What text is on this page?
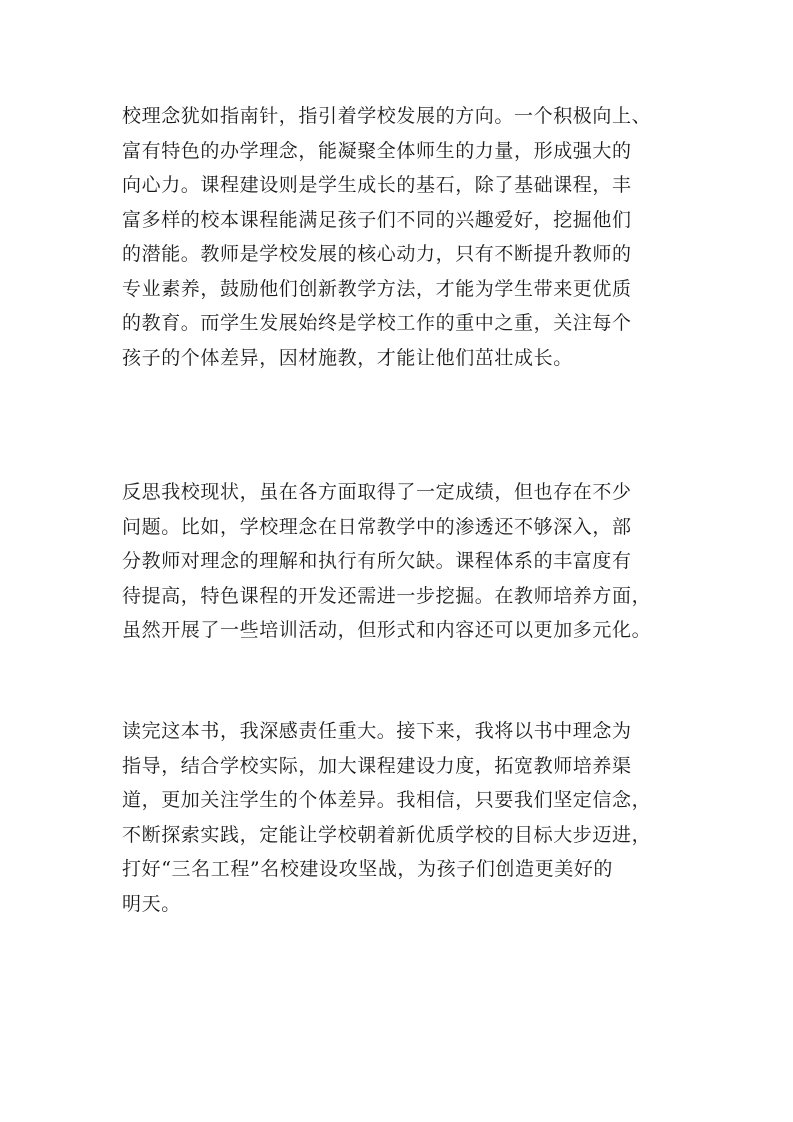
校理念犹如指南针，指引着学校发展的方向。一个积极向上、
富有特色的办学理念，能凝聚全体师生的力量，形成强大的
向心力。课程建设则是学生成长的基石，除了基础课程，丰
富多样的校本课程能满足孩子们不同的兴趣爱好，挖掘他们
的潜能。教师是学校发展的核心动力，只有不断提升教师的
专业素养，鼓励他们创新教学方法，才能为学生带来更优质
的教育。而学生发展始终是学校工作的重中之重，关注每个
孩子的个体差异，因材施教，才能让他们茁壮成长。

反思我校现状，虽在各方面取得了一定成绩，但也存在不少
问题。比如，学校理念在日常教学中的渗透还不够深入，部
分教师对理念的理解和执行有所欠缺。课程体系的丰富度有
待提高，特色课程的开发还需进一步挖掘。在教师培养方面，
虽然开展了一些培训活动，但形式和内容还可以更加多元化。

读完这本书，我深感责任重大。接下来，我将以书中理念为
指导，结合学校实际，加大课程建设力度，拓宽教师培养渠
道，更加关注学生的个体差异。我相信，只要我们坚定信念，
不断探索实践，定能让学校朝着新优质学校的目标大步迈进，
打好“三名工程”名校建设攻坚战，为孩子们创造更美好的
明天。
